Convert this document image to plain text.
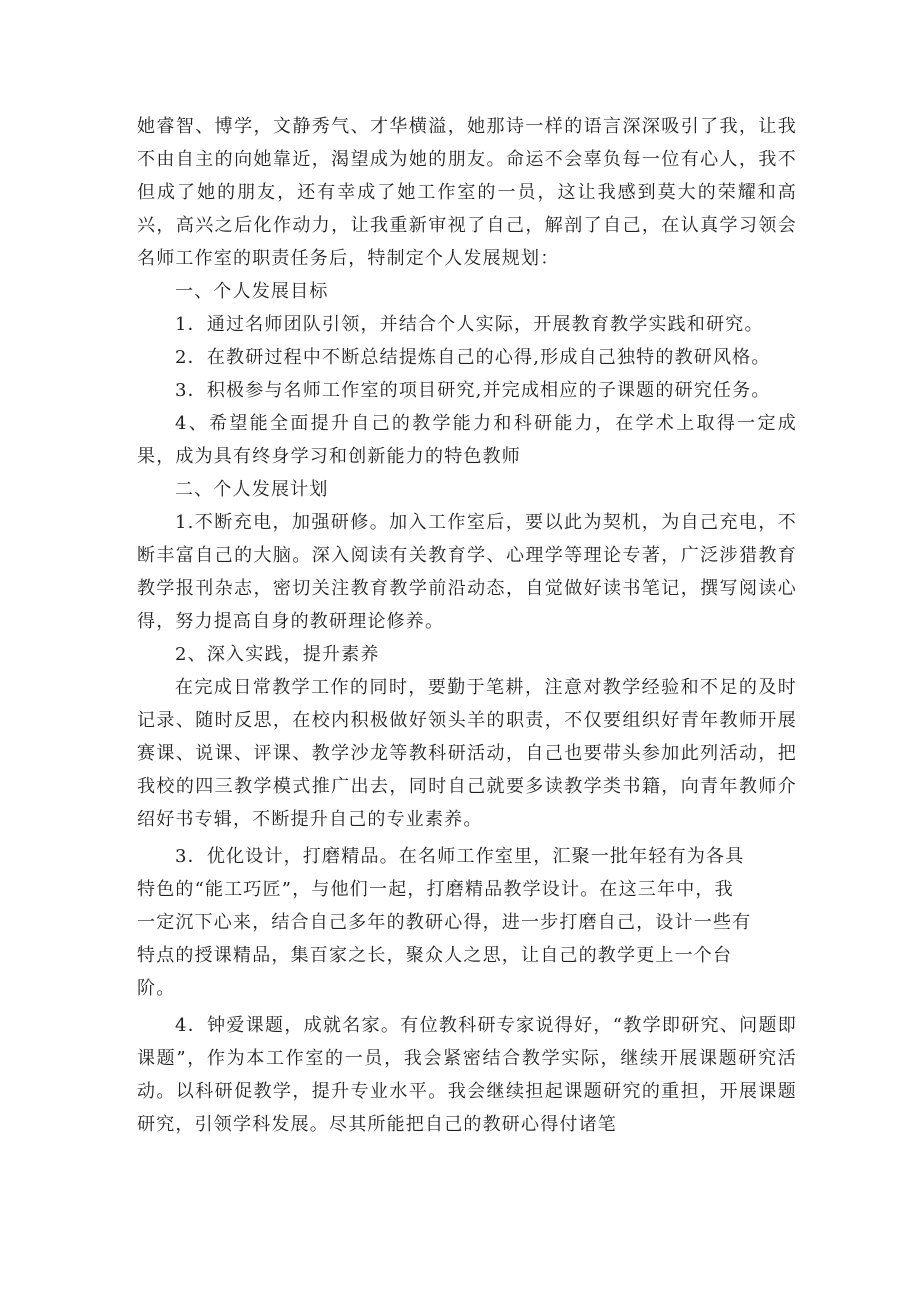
她睿智、博学，文静秀气、才华横溢，她那诗一样的语言深深吸引了我，让我不由自主的向她靠近，渴望成为她的朋友。命运不会辜负每一位有心人，我不但成了她的朋友，还有幸成了她工作室的一员，这让我感到莫大的荣耀和高兴，高兴之后化作动力，让我重新审视了自己，解剖了自己，在认真学习领会名师工作室的职责任务后，特制定个人发展规划：

一、个人发展目标

1．通过名师团队引领，并结合个人实际，开展教育教学实践和研究。

2．在教研过程中不断总结提炼自己的心得,形成自己独特的教研风格。

3．积极参与名师工作室的项目研究,并完成相应的子课题的研究任务。

4、希望能全面提升自己的教学能力和科研能力，在学术上取得一定成果，成为具有终身学习和创新能力的特色教师

二、个人发展计划

1.不断充电，加强研修。加入工作室后，要以此为契机，为自己充电，不断丰富自己的大脑。深入阅读有关教育学、心理学等理论专著，广泛涉猎教育教学报刊杂志，密切关注教育教学前沿动态，自觉做好读书笔记，撰写阅读心得，努力提高自身的教研理论修养。

2、深入实践，提升素养

在完成日常教学工作的同时，要勤于笔耕，注意对教学经验和不足的及时记录、随时反思，在校内积极做好领头羊的职责，不仅要组织好青年教师开展赛课、说课、评课、教学沙龙等教科研活动，自己也要带头参加此列活动，把我校的四三教学模式推广出去，同时自己就要多读教学类书籍，向青年教师介绍好书专辑，不断提升自己的专业素养。

3．优化设计，打磨精品。在名师工作室里，汇聚一批年轻有为各具
特色的“能工巧匠”，与他们一起，打磨精品教学设计。在这三年中，我
一定沉下心来，结合自己多年的教研心得，进一步打磨自己，设计一些有
特点的授课精品，集百家之长，聚众人之思，让自己的教学更上一个台
阶。

4．钟爱课题，成就名家。有位教科研专家说得好，“教学即研究、问题即课题”，作为本工作室的一员，我会紧密结合教学实际，继续开展课题研究活动。以科研促教学，提升专业水平。我会继续担起课题研究的重担，开展课题研究，引领学科发展。尽其所能把自己的教研心得付诸笔
